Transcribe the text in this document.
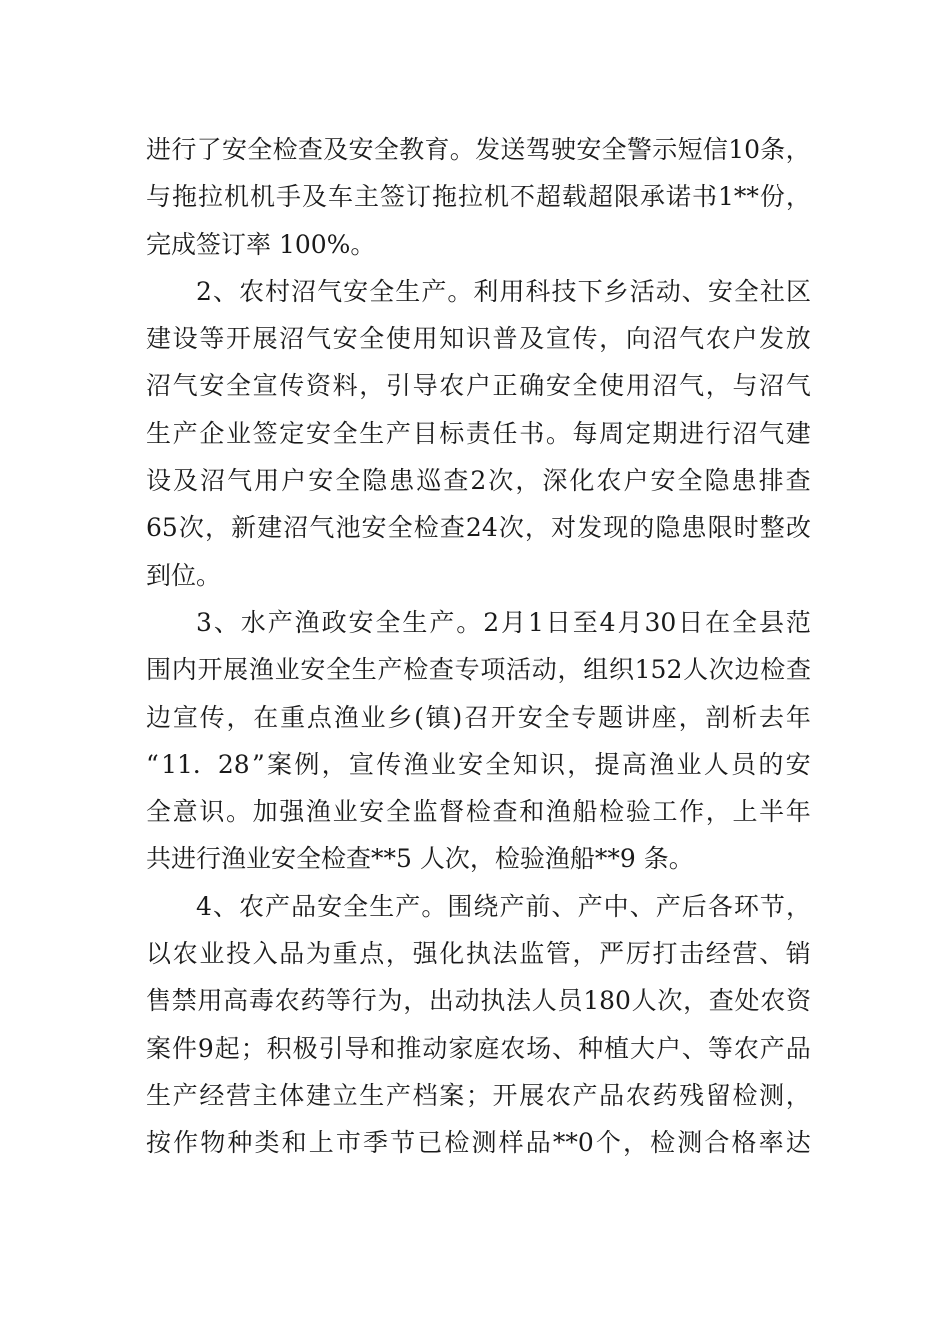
进 行 了 安 全 检 查 及 安 全 教 育 。 发 送 驾 驶 安 全 警 示 短 信 10 条 ，
与 拖 拉 机 机 手 及 车 主 签 订 拖 拉 机 不 超 载 超 限 承 诺 书 1** 份 ，
完成签订率 100%。
2 、 农 村 沼 气 安 全 生 产 。 利 用 科 技 下 乡 活 动 、 安 全 社 区
建 设 等 开 展 沼 气 安 全 使 用 知 识 普 及 宣 传 ， 向 沼 气 农 户 发 放
沼 气 安 全 宣 传 资 料 ， 引 导 农 户 正 确 安 全 使 用 沼 气 ， 与 沼 气
生 产 企 业 签 定 安 全 生 产 目 标 责 任 书 。 每 周 定 期 进 行 沼 气 建
设 及 沼 气 用 户 安 全 隐 患 巡 查 2 次 ， 深 化 农 户 安 全 隐 患 排 查
65 次 ， 新 建 沼 气 池 安 全 检 查 24 次 ， 对 发 现 的 隐 患 限 时 整 改
到位。
3 、 水 产 渔 政 安 全 生 产 。 2 月 1 日 至 4 月 30 日 在 全 县 范
围 内 开 展 渔 业 安 全 生 产 检 查 专 项 活 动 ， 组 织 152 人 次 边 检 查
边 宣 传 ， 在 重 点 渔 业 乡 ( 镇 ) 召 开 安 全 专 题 讲 座 ， 剖 析 去 年
“ 11．28 ” 案 例 ， 宣 传 渔 业 安 全 知 识 ， 提 高 渔 业 人 员 的 安
全 意 识 。 加 强 渔 业 安 全 监 督 检 查 和 渔 船 检 验 工 作 ， 上 半 年
共进行渔业安全检查**5 人次，检验渔船**9 条。
4 、 农 产 品 安 全 生 产 。 围 绕 产 前 、 产 中 、 产 后 各 环 节 ，
以 农 业 投 入 品 为 重 点 ， 强 化 执 法 监 管 ， 严 厉 打 击 经 营 、 销
售 禁 用 高 毒 农 药 等 行 为 ， 出 动 执 法 人 员 180 人 次 ， 查 处 农 资
案 件 9 起 ； 积 极 引 导 和 推 动 家 庭 农 场 、 种 植 大 户 、 等 农 产 品
生 产 经 营 主 体 建 立 生 产 档 案 ； 开 展 农 产 品 农 药 残 留 检 测 ，
按 作 物 种 类 和 上 市 季 节 已 检 测 样 品 **0 个 ， 检 测 合 格 率 达
